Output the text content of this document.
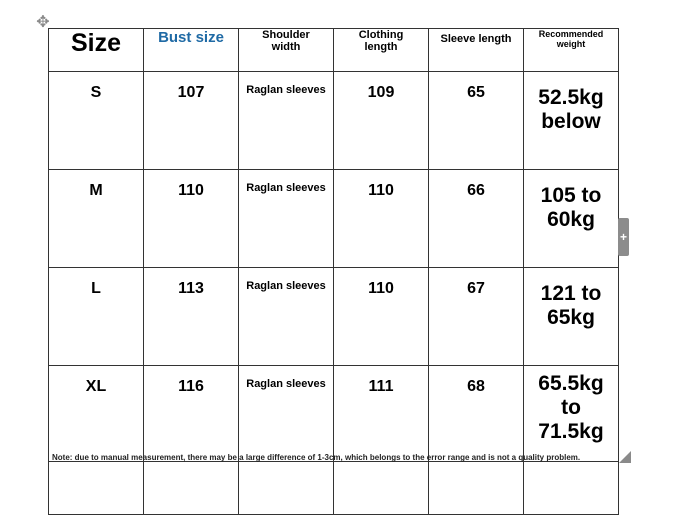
✥
Size	Bust size	Shoulder width	Clothing length	Sleeve length	Recommended weight

S	107	Raglan sleeves	109	65	52.5kg below

M	110	Raglan sleeves	110	66	105 to 60kg

L	113	Raglan sleeves	110	67	121 to 65kg

XL	116	Raglan sleeves	111	68	65.5kg to 71.5kg

+
Note: due to manual measurement, there may be a large difference of 1-3cm, which belongs to the error range and is not a quality problem.
